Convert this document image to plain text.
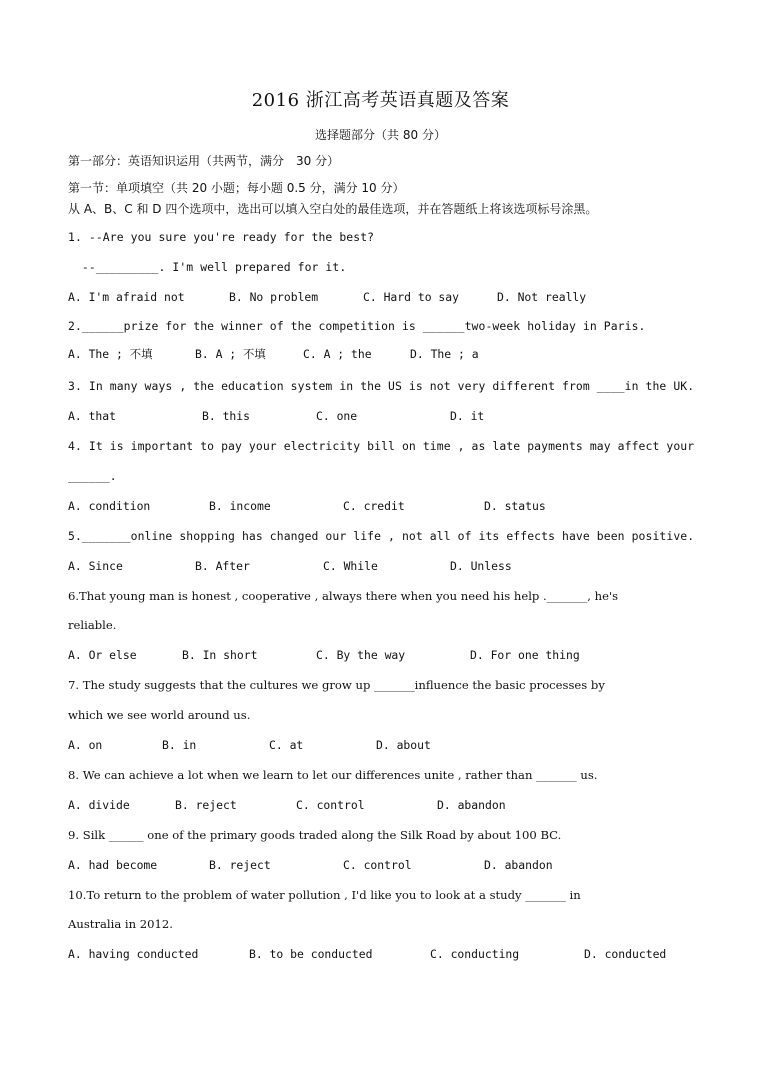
2016 浙江高考英语真题及答案
选择题部分（共 80 分）
第一部分：英语知识运用（共两节，满分　30 分）
第一节：单项填空（共 20 小题；每小题 0.5 分，满分 10 分）
从 A、B、C 和 D 四个选项中，选出可以填入空白处的最佳选项，并在答题纸上将该选项标号涂黑。
1. --Are you sure you're ready for the best?
--_________. I'm well prepared for it.
A. I'm afraid not	B. No problem	C. Hard to say	D. Not really
2.______prize for the winner of the competition is ______two-week holiday in Paris.
A. The ; 不填	B. A ; 不填	C. A ; the	D. The ; a
3. In many ways , the education system in the US is not very different from ____in the UK.
A. that	B. this	C. one	D. it
4. It is important to pay your electricity bill on time , as late payments may affect your
______.
A. condition	B. income	C. credit	D. status
5._______online shopping has changed our life , not all of its effects have been positive.
A. Since	B. After	C. While	D. Unless
6.That young man is honest , cooperative , always there when you need his help ._______, he's
reliable.
A. Or else	B. In short	C. By the way	D. For one thing
7. The study suggests that the cultures we grow up _______influence the basic processes by
which we see world around us.
A. on	B. in	C. at	D. about
8. We can achieve a lot when we learn to let our differences unite , rather than _______ us.
A. divide	B. reject	C. control	D. abandon
9. Silk ______ one of the primary goods traded along the Silk Road by about 100 BC.
A. had become	B. reject	C. control	D. abandon
10.To return to the problem of water pollution , I'd like you to look at a study _______ in
Australia in 2012.
A. having conducted	B. to be conducted	C. conducting	D. conducted
